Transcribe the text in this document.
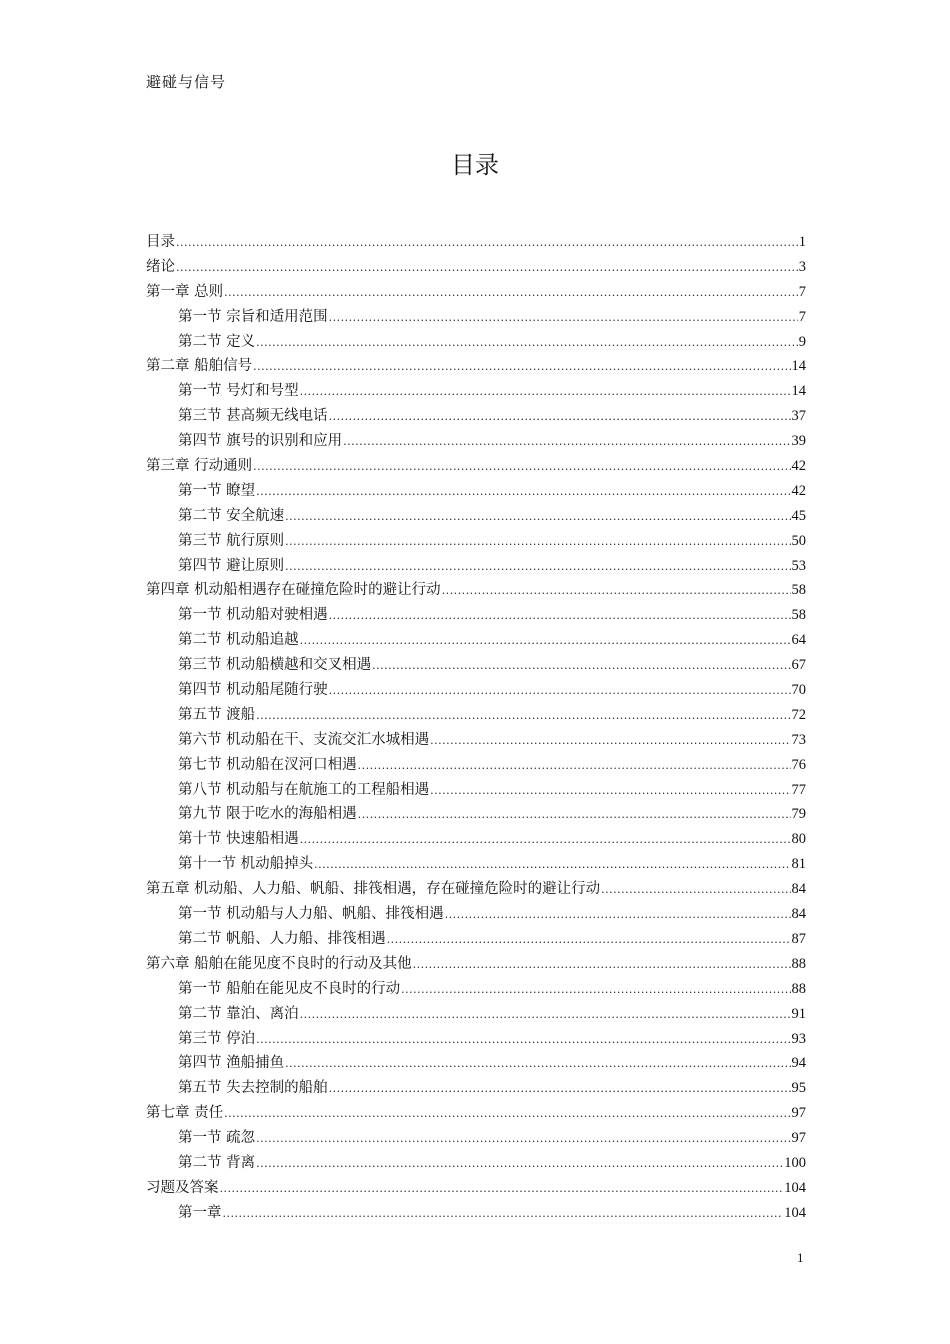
避碰与信号
目录
目录 .....	1
绪论 .....	3
第一章 总则 .....	7
第一节 宗旨和适用范围 .....	7
第二节 定义 .....	9
第二章 船舶信号 .....	14
第一节 号灯和号型 .....	14
第三节 甚高频无线电话 .....	37
第四节 旗号的识别和应用 .....	39
第三章 行动通则 .....	42
第一节 瞭望 .....	42
第二节 安全航速 .....	45
第三节 航行原则 .....	50
第四节 避让原则 .....	53
第四章 机动船相遇存在碰撞危险时的避让行动 .....	58
第一节 机动船对驶相遇 .....	58
第二节 机动船追越 .....	64
第三节 机动船横越和交叉相遇 .....	67
第四节 机动船尾随行驶 .....	70
第五节 渡船 .....	72
第六节 机动船在干、支流交汇水城相遇 .....	73
第七节 机动船在汊河口相遇 .....	76
第八节 机动船与在航施工的工程船相遇 .....	77
第九节 限于吃水的海船相遇 .....	79
第十节 快速船相遇 .....	80
第十一节 机动船掉头 .....	81
第五章 机动船、人力船、帆船、排筏相遇，存在碰撞危险时的避让行动 .....	84
第一节 机动船与人力船、帆船、排筏相遇 .....	84
第二节 帆船、人力船、排筏相遇 .....	87
第六章 船舶在能见度不良时的行动及其他 .....	88
第一节 船舶在能见皮不良时的行动 .....	88
第二节 靠泊、离泊 .....	91
第三节 停泊 .....	93
第四节 渔船捕鱼 .....	94
第五节 失去控制的船舶 .....	95
第七章 责任 .....	97
第一节 疏忽 .....	97
第二节 背离 .....	100
习题及答案 .....	104
第一章 .....	104
1
